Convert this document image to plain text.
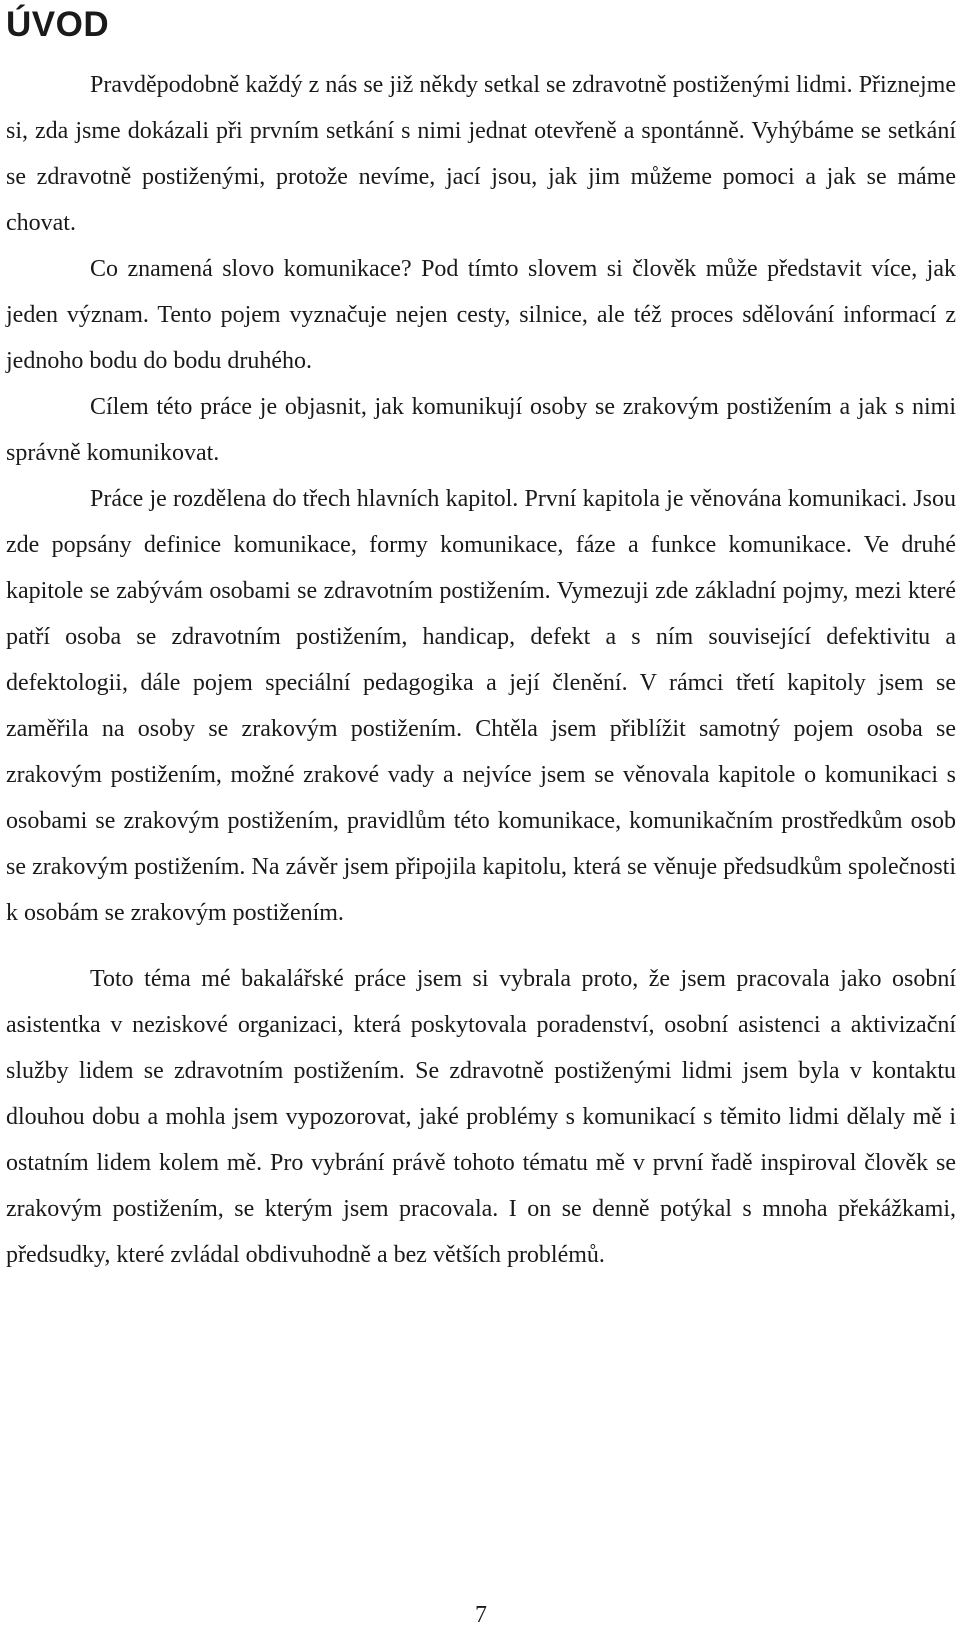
ÚVOD

Pravděpodobně každý z nás se již někdy setkal se zdravotně postiženými lidmi. Přiznejme si, zda jsme dokázali při prvním setkání s nimi jednat otevřeně a spontánně. Vyhýbáme se setkání se zdravotně postiženými, protože nevíme, jací jsou, jak jim můžeme pomoci a jak se máme chovat.

Co znamená slovo komunikace? Pod tímto slovem si člověk může představit více, jak jeden význam. Tento pojem vyznačuje nejen cesty, silnice, ale též proces sdělování informací z jednoho bodu do bodu druhého.

Cílem této práce je objasnit, jak komunikují osoby se zrakovým postižením a jak s nimi správně komunikovat.

Práce je rozdělena do třech hlavních kapitol. První kapitola je věnována komunikaci. Jsou zde popsány definice komunikace, formy komunikace, fáze a funkce komunikace. Ve druhé kapitole se zabývám osobami se zdravotním postižením. Vymezuji zde základní pojmy, mezi které patří osoba se zdravotním postižením, handicap, defekt a s ním související defektivitu a defektologii, dále pojem speciální pedagogika a její členění. V rámci třetí kapitoly jsem se zaměřila na osoby se zrakovým postižením. Chtěla jsem přiblížit samotný pojem osoba se zrakovým postižením, možné zrakové vady a nejvíce jsem se věnovala kapitole o komunikaci s osobami se zrakovým postižením, pravidlům této komunikace, komunikačním prostředkům osob se zrakovým postižením. Na závěr jsem připojila kapitolu, která se věnuje předsudkům společnosti k osobám se zrakovým postižením.

Toto téma mé bakalářské práce jsem si vybrala proto, že jsem pracovala jako osobní asistentka v neziskové organizaci, která poskytovala poradenství, osobní asistenci a aktivizační služby lidem se zdravotním postižením. Se zdravotně postiženými lidmi jsem byla v kontaktu dlouhou dobu a mohla jsem vypozorovat, jaké problémy s komunikací s těmito lidmi dělaly mě i ostatním lidem kolem mě. Pro vybrání právě tohoto tématu mě v první řadě inspiroval člověk se zrakovým postižením, se kterým jsem pracovala. I on se denně potýkal s mnoha překážkami, předsudky, které zvládal obdivuhodně a bez větších problémů.

7
